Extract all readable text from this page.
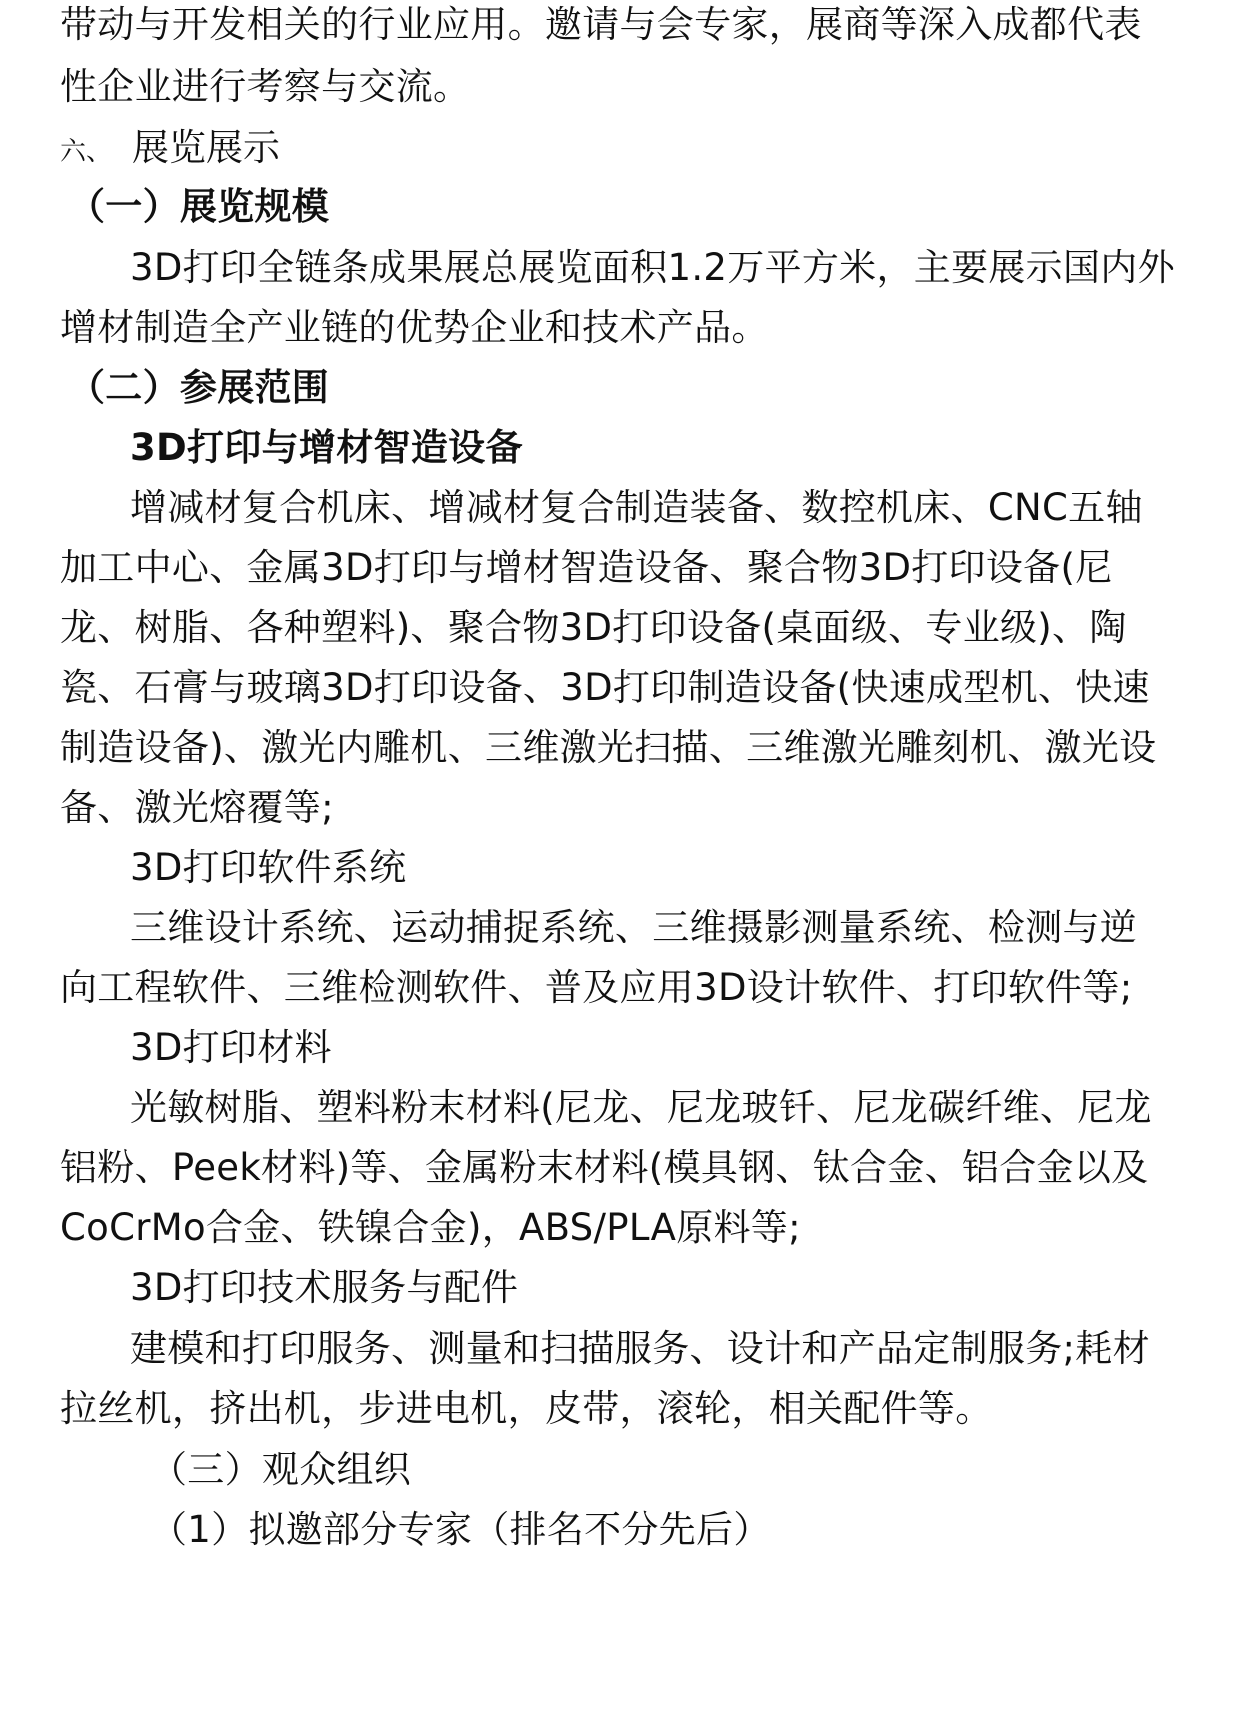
带动与开发相关的行业应用。邀请与会专家，展商等深入成都代表
性企业进行考察与交流。
六、 展览展示
（一）展览规模
3D打印全链条成果展总展览面积1.2万平方米，主要展示国内外
增材制造全产业链的优势企业和技术产品。
（二）参展范围
3D打印与增材智造设备
增减材复合机床、增减材复合制造装备、数控机床、CNC五轴
加工中心、金属3D打印与增材智造设备、聚合物3D打印设备(尼
龙、树脂、各种塑料)、聚合物3D打印设备(桌面级、专业级)、陶
瓷、石膏与玻璃3D打印设备、3D打印制造设备(快速成型机、快速
制造设备)、激光内雕机、三维激光扫描、三维激光雕刻机、激光设
备、激光熔覆等;
3D打印软件系统
三维设计系统、运动捕捉系统、三维摄影测量系统、检测与逆
向工程软件、三维检测软件、普及应用3D设计软件、打印软件等;
3D打印材料
光敏树脂、塑料粉末材料(尼龙、尼龙玻钎、尼龙碳纤维、尼龙
铝粉、Peek材料)等、金属粉末材料(模具钢、钛合金、铝合金以及
CoCrMo合金、铁镍合金)，ABS/PLA原料等;
3D打印技术服务与配件
建模和打印服务、测量和扫描服务、设计和产品定制服务;耗材
拉丝机，挤出机，步进电机，皮带，滚轮，相关配件等。
（三）观众组织
（1）拟邀部分专家（排名不分先后）
